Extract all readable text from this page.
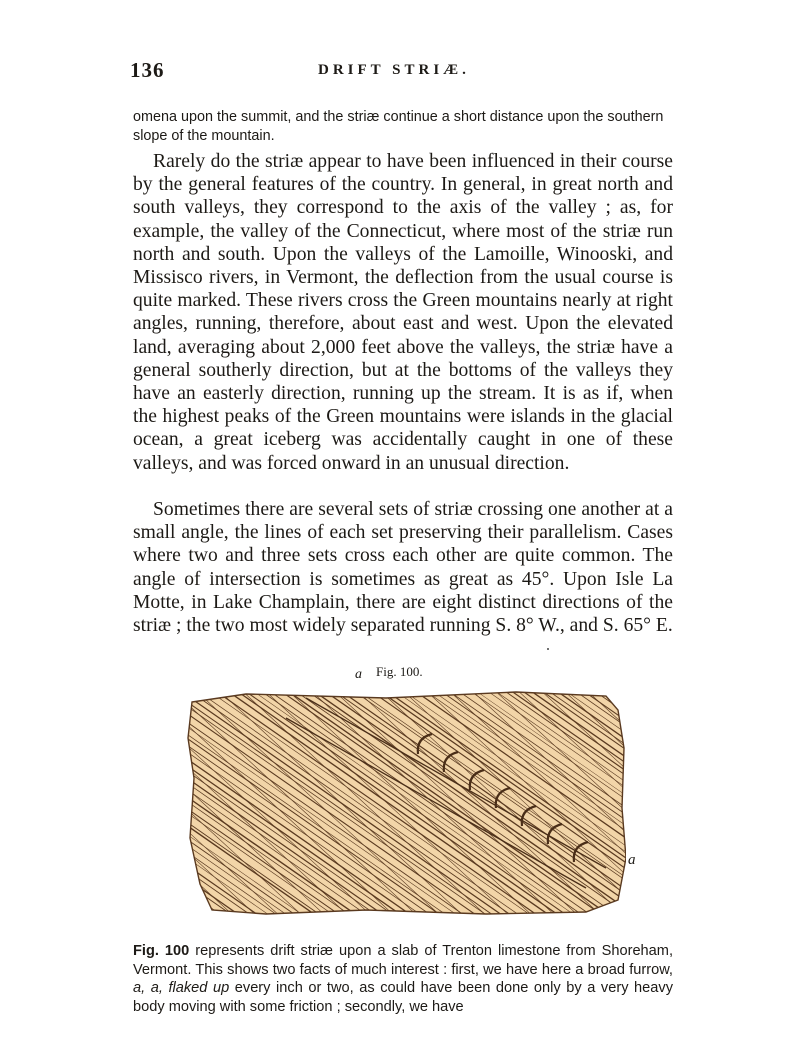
136	DRIFT STRIÆ.

omena upon the summit, and the striæ continue a short distance upon the southern slope of the mountain.

Rarely do the striæ appear to have been influenced in their course by the general features of the country. In general, in great north and south valleys, they correspond to the axis of the valley ; as, for example, the valley of the Connecticut, where most of the striæ run north and south. Upon the valleys of the Lamoille, Winooski, and Missisco rivers, in Vermont, the deflection from the usual course is quite marked. These rivers cross the Green mountains nearly at right angles, running, therefore, about east and west. Upon the elevated land, averaging about 2,000 feet above the valleys, the striæ have a general southerly direction, but at the bottoms of the valleys they have an easterly direction, running up the stream. It is as if, when the highest peaks of the Green mountains were islands in the glacial ocean, a great iceberg was accidentally caught in one of these valleys, and was forced onward in an unusual direction.

Sometimes there are several sets of striæ crossing one another at a small angle, the lines of each set preserving their parallelism. Cases where two and three sets cross each other are quite common. The angle of intersection is sometimes as great as 45°. Upon Isle La Motte, in Lake Champlain, there are eight distinct directions of the striæ ; the two most widely separated running S. 8° W., and S. 65° E.

a Fig. 100.
a

Fig. 100 represents drift striæ upon a slab of Trenton limestone from Shoreham, Vermont. This shows two facts of much interest : first, we have here a broad furrow, a, a, flaked up every inch or two, as could have been done only by a very heavy body moving with some friction ; secondly, we have
